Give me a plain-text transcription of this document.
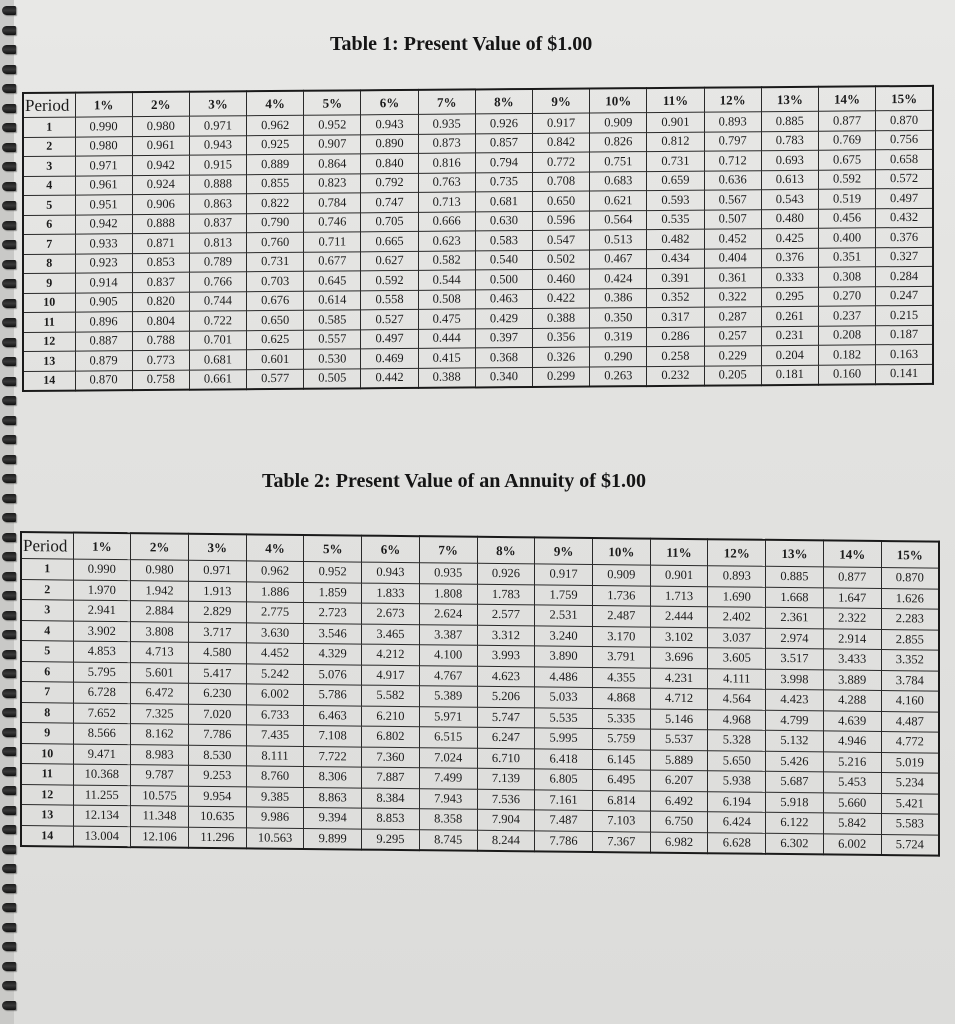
Table 1: Present Value of $1.00
Period	1%	2%	3%	4%	5%	6%	7%	8%	9%	10%	11%	12%	13%	14%	15%
1	0.990	0.980	0.971	0.962	0.952	0.943	0.935	0.926	0.917	0.909	0.901	0.893	0.885	0.877	0.870
2	0.980	0.961	0.943	0.925	0.907	0.890	0.873	0.857	0.842	0.826	0.812	0.797	0.783	0.769	0.756
3	0.971	0.942	0.915	0.889	0.864	0.840	0.816	0.794	0.772	0.751	0.731	0.712	0.693	0.675	0.658
4	0.961	0.924	0.888	0.855	0.823	0.792	0.763	0.735	0.708	0.683	0.659	0.636	0.613	0.592	0.572
5	0.951	0.906	0.863	0.822	0.784	0.747	0.713	0.681	0.650	0.621	0.593	0.567	0.543	0.519	0.497
6	0.942	0.888	0.837	0.790	0.746	0.705	0.666	0.630	0.596	0.564	0.535	0.507	0.480	0.456	0.432
7	0.933	0.871	0.813	0.760	0.711	0.665	0.623	0.583	0.547	0.513	0.482	0.452	0.425	0.400	0.376
8	0.923	0.853	0.789	0.731	0.677	0.627	0.582	0.540	0.502	0.467	0.434	0.404	0.376	0.351	0.327
9	0.914	0.837	0.766	0.703	0.645	0.592	0.544	0.500	0.460	0.424	0.391	0.361	0.333	0.308	0.284
10	0.905	0.820	0.744	0.676	0.614	0.558	0.508	0.463	0.422	0.386	0.352	0.322	0.295	0.270	0.247
11	0.896	0.804	0.722	0.650	0.585	0.527	0.475	0.429	0.388	0.350	0.317	0.287	0.261	0.237	0.215
12	0.887	0.788	0.701	0.625	0.557	0.497	0.444	0.397	0.356	0.319	0.286	0.257	0.231	0.208	0.187
13	0.879	0.773	0.681	0.601	0.530	0.469	0.415	0.368	0.326	0.290	0.258	0.229	0.204	0.182	0.163
14	0.870	0.758	0.661	0.577	0.505	0.442	0.388	0.340	0.299	0.263	0.232	0.205	0.181	0.160	0.141
Table 2: Present Value of an Annuity of $1.00
Period	1%	2%	3%	4%	5%	6%	7%	8%	9%	10%	11%	12%	13%	14%	15%
1	0.990	0.980	0.971	0.962	0.952	0.943	0.935	0.926	0.917	0.909	0.901	0.893	0.885	0.877	0.870
2	1.970	1.942	1.913	1.886	1.859	1.833	1.808	1.783	1.759	1.736	1.713	1.690	1.668	1.647	1.626
3	2.941	2.884	2.829	2.775	2.723	2.673	2.624	2.577	2.531	2.487	2.444	2.402	2.361	2.322	2.283
4	3.902	3.808	3.717	3.630	3.546	3.465	3.387	3.312	3.240	3.170	3.102	3.037	2.974	2.914	2.855
5	4.853	4.713	4.580	4.452	4.329	4.212	4.100	3.993	3.890	3.791	3.696	3.605	3.517	3.433	3.352
6	5.795	5.601	5.417	5.242	5.076	4.917	4.767	4.623	4.486	4.355	4.231	4.111	3.998	3.889	3.784
7	6.728	6.472	6.230	6.002	5.786	5.582	5.389	5.206	5.033	4.868	4.712	4.564	4.423	4.288	4.160
8	7.652	7.325	7.020	6.733	6.463	6.210	5.971	5.747	5.535	5.335	5.146	4.968	4.799	4.639	4.487
9	8.566	8.162	7.786	7.435	7.108	6.802	6.515	6.247	5.995	5.759	5.537	5.328	5.132	4.946	4.772
10	9.471	8.983	8.530	8.111	7.722	7.360	7.024	6.710	6.418	6.145	5.889	5.650	5.426	5.216	5.019
11	10.368	9.787	9.253	8.760	8.306	7.887	7.499	7.139	6.805	6.495	6.207	5.938	5.687	5.453	5.234
12	11.255	10.575	9.954	9.385	8.863	8.384	7.943	7.536	7.161	6.814	6.492	6.194	5.918	5.660	5.421
13	12.134	11.348	10.635	9.986	9.394	8.853	8.358	7.904	7.487	7.103	6.750	6.424	6.122	5.842	5.583
14	13.004	12.106	11.296	10.563	9.899	9.295	8.745	8.244	7.786	7.367	6.982	6.628	6.302	6.002	5.724
